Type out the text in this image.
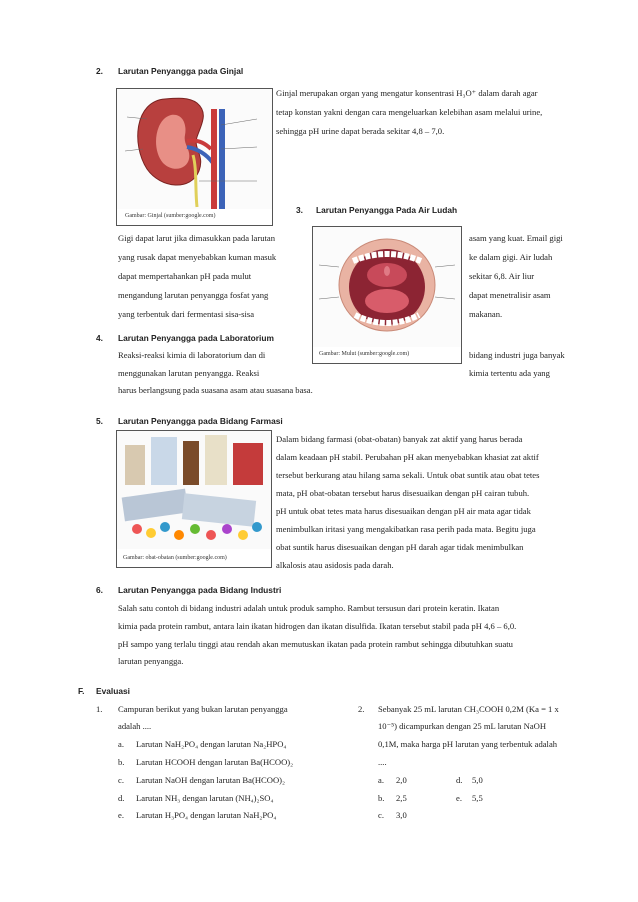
2. Larutan Penyangga pada Ginjal
Gambar: Ginjal (sumber:google.com)
Ginjal merupakan organ yang mengatur konsentrasi H₃O⁺ dalam darah agar
tetap konstan yakni dengan cara mengeluarkan kelebihan asam melalui urine,
sehingga pH urine dapat berada sekitar 4,8 – 7,0.
3. Larutan Penyangga Pada Air Ludah
Gigi dapat larut jika dimasukkan pada larutan
yang rusak dapat menyebabkan kuman masuk
dapat mempertahankan pH pada mulut
mengandung larutan penyangga fosfat yang
yang terbentuk dari fermentasi sisa-sisa
asam yang kuat. Email gigi
ke dalam gigi. Air ludah
sekitar 6,8. Air liur
dapat menetralisir asam
makanan.
Gambar: Mulut (sumber:google.com)
4. Larutan Penyangga pada Laboratorium
Reaksi-reaksi kimia di laboratorium dan di	bidang industri juga banyak
menggunakan larutan penyangga. Reaksi	kimia tertentu ada yang
harus berlangsung pada suasana asam atau suasana basa.
5. Larutan Penyangga pada Bidang Farmasi
Gambar: obat-obatan (sumber:google.com)
Dalam bidang farmasi (obat-obatan) banyak zat aktif yang harus berada
dalam keadaan pH stabil. Perubahan pH akan menyebabkan khasiat zat aktif
tersebut berkurang atau hilang sama sekali. Untuk obat suntik atau obat tetes
mata, pH obat-obatan tersebut harus disesuaikan dengan pH cairan tubuh.
pH untuk obat tetes mata harus disesuaikan dengan pH air mata agar tidak
menimbulkan iritasi yang mengakibatkan rasa perih pada mata. Begitu juga
obat suntik harus disesuaikan dengan pH darah agar tidak menimbulkan
alkalosis atau asidosis pada darah.
6. Larutan Penyangga pada Bidang Industri
Salah satu contoh di bidang industri adalah untuk produk sampho. Rambut tersusun dari protein keratin. Ikatan
kimia pada protein rambut, antara lain ikatan hidrogen dan ikatan disulfida. Ikatan tersebut stabil pada pH 4,6 – 6,0.
pH sampo yang terlalu tinggi atau rendah akan memutuskan ikatan pada protein rambut sehingga dibutuhkan suatu
larutan penyangga.
F. Evaluasi
1. Campuran berikut yang bukan larutan penyangga
adalah ....
a. Larutan NaH₂PO₄ dengan larutan Na₂HPO₄
b. Larutan HCOOH dengan larutan Ba(HCOO)₂
c. Larutan NaOH dengan larutan Ba(HCOO)₂
d. Larutan NH₃ dengan larutan (NH₄)₂SO₄
e. Larutan H₃PO₄ dengan larutan NaH₂PO₄
2. Sebanyak 25 mL larutan CH₃COOH 0,2M (Ka = 1 x
10⁻⁵) dicampurkan dengan 25 mL larutan NaOH
0,1M, maka harga pH larutan yang terbentuk adalah
....
a. 2,0	d. 5,0
b. 2,5	e. 5,5
c. 3,0
